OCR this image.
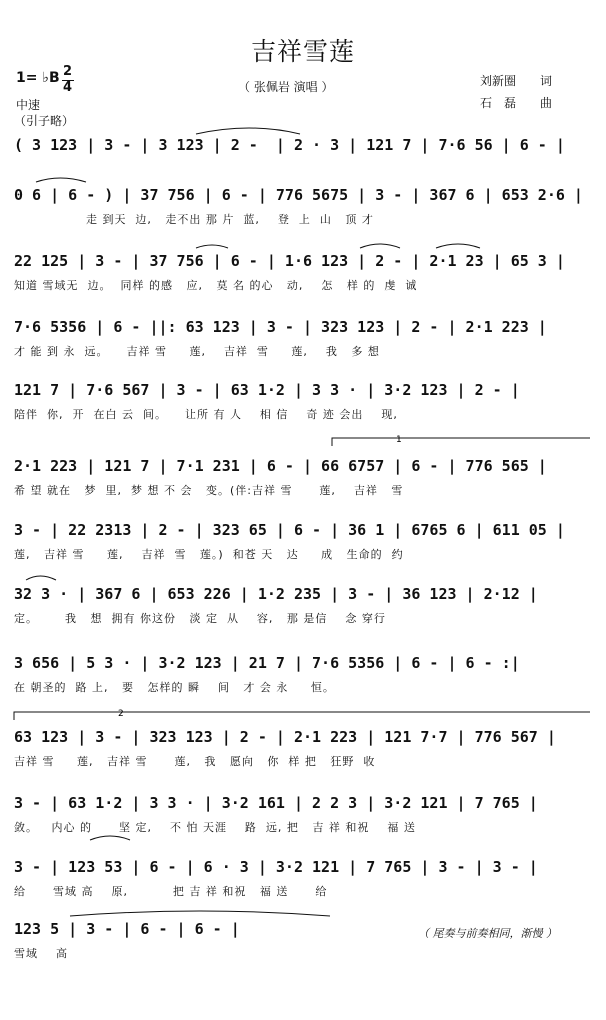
吉祥雪莲
1= ♭B 2
4
中速
（引子略）
（ 张佩岩 演唱 ）	刘新圈　　词
石　磊　　曲
( 3 123 | 3 - | 3 123 | 2 -  | 2 · 3 | 121 7 | 7·6 56 | 6 - |
0 6 | 6 - ) | 37 756 | 6 - | 776 5675 | 3 - | 367 6 | 653 2·6 |
走 到天  边,   走不出 那 片  蓝,    登  上  山   顶 才
22 125 | 3 - | 37 756 | 6 - | 1·6 123 | 2 - | 2·1 23 | 65 3 |
知道 雪域无  边。  同样 的感   应,   莫 名 的心   动,    怎   样 的  虔  诚
7·6 5356 | 6 - ||: 63 123 | 3 - | 323 123 | 2 - | 2·1 223 |
才 能 到 永  远。    吉祥 雪     莲,    吉祥  雪     莲,    我   多 想
121 7 | 7·6 567 | 3 - | 63 1·2 | 3 3 · | 3·2 123 | 2 - |
陪伴  你,  开  在白 云  间。    让所 有 人    相 信    奇 迹 会出    现,
2·1 223 | 121 7 | 7·1 231 | 6 - | 66 6757 | 6 - | 776 565 |
希 望 就在   梦  里,  梦 想 不 会   变。(伴:吉祥 雪      莲,    吉祥   雪
3 - | 22 2313 | 2 - | 323 65 | 6 - | 36 1 | 6765 6 | 611 05 |
莲,   吉祥 雪     莲,    吉祥  雪   莲。)  和苍 天   达     成   生命的  约
32 3 · | 367 6 | 653 226 | 1·2 235 | 3 - | 36 123 | 2·12 |
定。      我   想  拥有 你这份   淡 定  从    容,   那 是信    念 穿行
3 656 | 5 3 · | 3·2 123 | 21 7 | 7·6 5356 | 6 - | 6 - :|
在 朝圣的  路 上,   要   怎样的 瞬    间   才 会 永     恒。
63 123 | 3 - | 323 123 | 2 - | 2·1 223 | 121 7·7 | 776 567 |
吉祥 雪     莲,   吉祥 雪      莲,   我   愿向   你  样 把   狂野  收
3 - | 63 1·2 | 3 3 · | 3·2 161 | 2 2 3 | 3·2 121 | 7 765 |
敛。   内心 的      坚 定,    不 怕 天涯    路  远, 把   吉 祥 和祝    福 送
3 - | 123 53 | 6 - | 6 · 3 | 3·2 121 | 7 765 | 3 - | 3 - |
给      雪域 高    原,          把 吉 祥 和祝   福 送      给
123 5 | 3 - | 6 - | 6 - |
雪域    高
（ 尾奏与前奏相同，渐慢 ）
1
2
